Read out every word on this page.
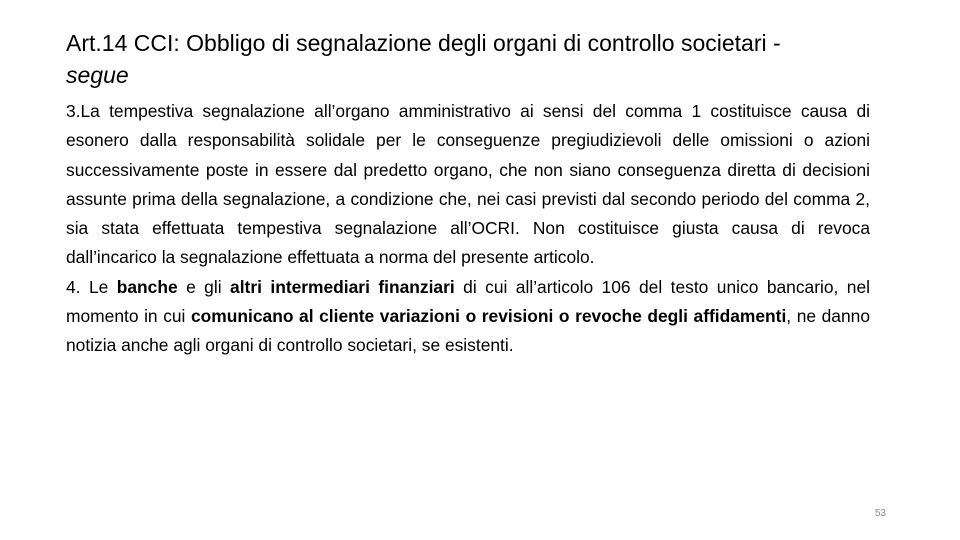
Art.14 CCI: Obbligo di segnalazione degli organi di controllo societari -
segue

3.La tempestiva segnalazione all’organo amministrativo ai sensi del comma 1 costituisce causa di esonero dalla responsabilità solidale per le conseguenze pregiudizievoli delle omissioni o azioni successivamente poste in essere dal predetto organo, che non siano conseguenza diretta di decisioni assunte prima della segnalazione, a condizione che, nei casi previsti dal secondo periodo del comma 2, sia stata effettuata tempestiva segnalazione all’OCRI. Non costituisce giusta causa di revoca dall’incarico la segnalazione effettuata a norma del presente articolo.

4. Le banche e gli altri intermediari finanziari di cui all’articolo 106 del testo unico bancario, nel momento in cui comunicano al cliente variazioni o revisioni o revoche degli affidamenti, ne danno notizia anche agli organi di controllo societari, se esistenti.

53
